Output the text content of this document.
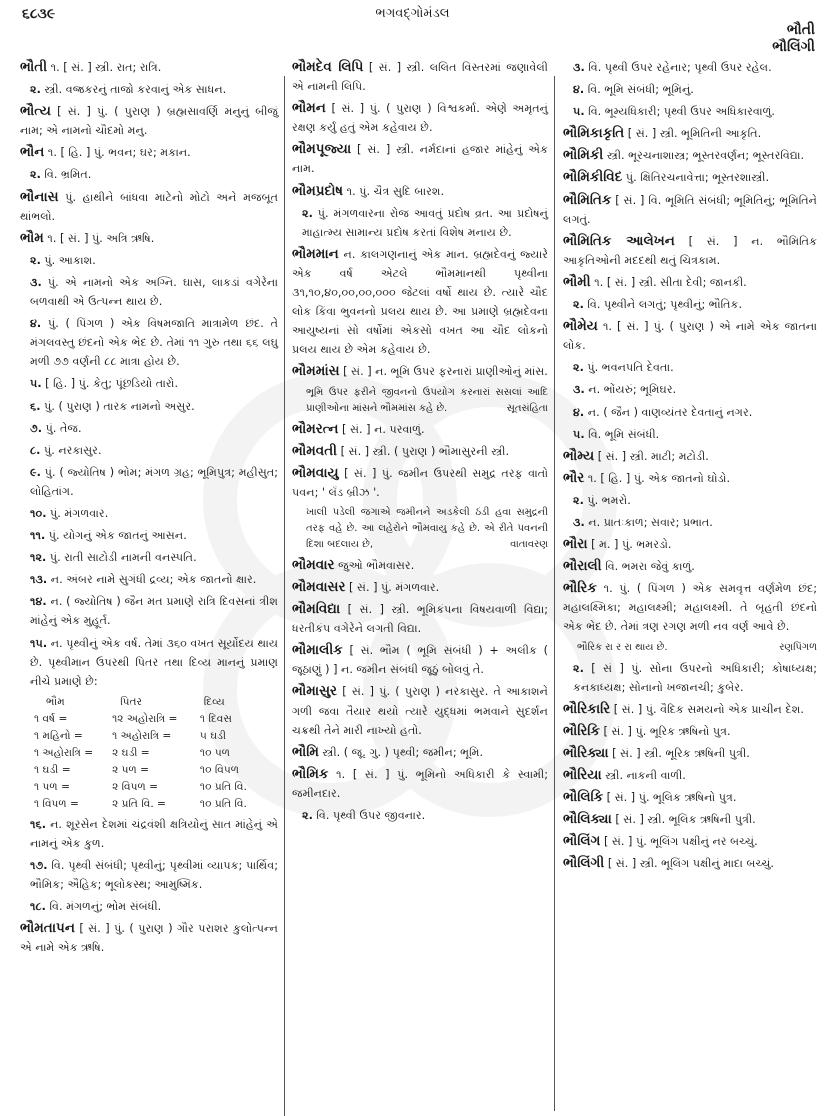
૬૮૩૯	ભગવદ્ગોમંડલ
ભૌતી
ભૌલિંગી
ભૌતી ૧. [ સં. ] સ્ત્રી. રાત; રાત્રિ.
૨. સ્ત્રી. વજ્રકરનું તાજો કરવાનું એક સાધન.
ભૌત્ય [ સં. ] પું. ( પુરાણ ) બ્રહ્મસાવર્ણિ મનુનું બીજું નામ; એ નામનો ચૌદમો મનુ.
ભૌન ૧. [ હિ. ] પું. ભવન; ઘર; મકાન.
૨. વિ. ભ્રમિત.
ભૌનાસ પું. હાથીને બાંધવા માટેનો મોટો અને મજબૂત થાંભલો.
ભૌમ ૧. [ સં. ] પું. અત્રિ ઋષિ.
૨. પું. આકાશ.
૩. પું. એ નામનો એક અગ્નિ. ઘાસ, લાકડાં વગેરેના બળવાથી એ ઉત્પન્ન થાય છે.
૪. પું. ( પિંગળ ) એક વિષમજાતિ માત્રામેળ છંદ. તે મંગલવસ્તુ છંદનો એક ભેદ છે. તેમાં ૧૧ ગુરુ તથા ૬૬ લઘુ મળી ૭૭ વર્ણની ૮૮ માત્રા હોય છે.
૫. [ હિ. ] પું. કેતુ; પૂંછડિયો તારો.
૬. પું. ( પુરાણ ) તારક નામનો અસુર.
૭. પું. તેજ.
૮. પું. નરકાસુર.
૯. પું. ( જ્યોતિષ ) ભોમ; મંગળ ગ્રહ; ભૂમિપુત્ર; મહીસુત; લોહિતાંગ.
૧૦. પું. મંગળવાર.
૧૧. પું. યોગનું એક જાતનું આસન.
૧૨. પું. રાતી સાટોડી નામની વનસ્પતિ.
૧૩. ન. અંબર નામે સુગંધી દ્રવ્ય; એક જાતનો ક્ષાર.
૧૪. ન. ( જ્યોતિષ ) જૈન મત પ્રમાણે રાત્રિ દિવસનાં ત્રીશ માંહેનું એક મુહૂર્ત.
૧૫. ન. પૃથ્વીનું એક વર્ષ. તેમાં ૩૬૦ વખત સૂર્યોદય થાય છે. પૃથ્વીમાન ઉપરથી પિતર તથા દિવ્ય માનનું પ્રમાણ નીચે પ્રમાણે છે:
ભૌમ	પિતર	દિવ્ય
૧ વર્ષ =	૧૨ અહોરાત્રિ =	૧ દિવસ
૧ મહિનો =	૧ અહોરાત્રિ =	૫ ઘડી
૧ અહોરાત્રિ =	૨ ઘડી =	૧૦ પળ
૧ ઘડી =	૨ પળ =	૧૦ વિપળ
૧ પળ =	૨ વિપળ =	૧૦ પ્રતિ વિ.
૧ વિપળ =	૨ પ્રતિ વિ. =	૧૦ પ્રતિ વિ.
૧૬. ન. શૂરસેન દેશમાં ચંદ્રવંશી ક્ષત્રિયોનું સાત માંહેનું એ નામનું એક કુળ.
૧૭. વિ. પૃથ્વી સંબંધી; પૃથ્વીનું; પૃથ્વીમાં વ્યાપક; પાર્થિવ; ભૌમિક; ઐહિક; ભૂલોકસ્થ; આમુષ્મિક.
૧૮. વિ. મંગળનું; ભોમ સંબંધી.
ભૌમતાપન [ સં. ] પું. ( પુરાણ ) ગૌર પરાશર કુલોત્પન્ન એ નામે એક ઋષિ.
ભૌમદેવ લિપિ [ સં. ] સ્ત્રી. લલિત વિસ્તરમાં જણાવેલી એ નામની લિપિ.
ભૌમન [ સં. ] પું. ( પુરાણ ) વિશ્વકર્મા. એણે અમૃતનું રક્ષણ કર્યું હતું એમ કહેવાય છે.
ભૌમપૂજ્યા [ સં. ] સ્ત્રી. નર્મદાનાં હજાર માંહેનું એક નામ.
ભૌમપ્રદોષ ૧. પું. ચૈત્ર સુદિ બારશ.
૨. પું. મંગળવારના રોજ આવતું પ્રદોષ વ્રત. આ પ્રદોષનું માહાત્મ્ય સામાન્ય પ્રદોષ કરતાં વિશેષ મનાય છે.
ભૌમમાન ન. કાલગણનાનું એક માન. બ્રહ્મદેવનું જ્યારે એક વર્ષ એટલે ભૌમમાનથી પૃથ્વીના ૩૧,૧૦,૪૦,૦૦,૦૦,૦૦૦ જેટલાં વર્ષો થાય છે. ત્યારે ચૌદ લોક કિંવા ભુવનનો પ્રલય થાય છે. આ પ્રમાણે બ્રહ્મદેવના આયુષ્યનાં સો વર્ષોમાં એકસો વખત આ ચૌદ લોકનો પ્રલય થાય છે એમ કહેવાય છે.
ભૌમમાંસ [ સં. ] ન. ભૂમિ ઉપર ફરનારાં પ્રાણીઓનું માંસ.
ભૂમિ ઉપર ફરીને જીવનનો ઉપયોગ કરનારાં સસલાં આદિ પ્રાણીઓના માંસને ભૌમમાંસ કહે છે.	સૂતસંહિતા
ભૌમરત્ન [ સં. ] ન. પરવાળું.
ભૌમવતી [ સં. ] સ્ત્રી. ( પુરાણ ) ભૌમાસુરની સ્ત્રી.
ભૌમવાયુ [ સં. ] પું. જમીન ઉપરથી સમુદ્ર તરફ વાતો પવન; ' લૅંડ બ્રીઝ '.
ખાલી પડેલી જગાએ જમીનને અડકેલી ઠંડી હવા સમુદ્રની તરફ વહે છે. આ લહેરોને ભૌમવાયુ કહે છે. એ રીતે પવનની દિશા બદલાય છે,	વાતાવરણ
ભૌમવાર જુઓ ભૌમવાસર.
ભૌમવાસર [ સં. ] પું. મંગળવાર.
ભૌમવિદ્યા [ સં. ] સ્ત્રી. ભૂમિકંપના વિષયવાળી વિદ્યા; ધરતીકંપ વગેરેને લગતી વિદ્યા.
ભૌમાલીક [ સં. ભૌમ ( ભૂમિ સંબંધી ) + અલીક ( જૂઠાણું ) ] ન. જમીન સંબંધી જૂઠું બોલવું તે.
ભૌમાસુર [ સં. ] પું. ( પુરાણ ) નરકાસુર. તે આકાશને ગળી જવા તૈયાર થયો ત્યારે યુદ્ધમાં ભમવાને સુદર્શન ચક્રથી તેને મારી નાખ્યો હતો.
ભૌમિ સ્ત્રી. ( જૂ. ગુ. ) પૃથ્વી; જમીન; ભૂમિ.
ભૌમિક ૧. [ સં. ] પું. ભૂમિનો અધિકારી કે સ્વામી; જમીનદાર.
૨. વિ. પૃથ્વી ઉપર જીવનાર.
૩. વિ. પૃથ્વી ઉપર રહેનાર; પૃથ્વી ઉપર રહેલ.
૪. વિ. ભૂમિ સંબંધી; ભૂમિનું.
૫. વિ. ભૂમ્યધિકારી; પૃથ્વી ઉપર અધિકારવાળું.
ભૌમિકાકૃતિ [ સં. ] સ્ત્રી. ભૂમિતિની આકૃતિ.
ભૌમિકી સ્ત્રી. ભૂરચનાશાસ્ત્ર; ભૂસ્તરવર્ણન; ભૂસ્તરવિદ્યા.
ભૌમિકીવિદ પું. ક્ષિતિરચનાવેત્તા; ભૂસ્તરશાસ્ત્રી.
ભૌમિતિક [ સં. ] વિ. ભૂમિતિ સંબંધી; ભૂમિતિનું; ભૂમિતિને લગતું.
ભૌમિતિક આલેખન [ સં. ] ન. ભૌમિતિક આકૃતિઓની મદદથી થતું ચિત્રકામ.
ભૌમી ૧. [ સં. ] સ્ત્રી. સીતા દેવી; જાનકી.
૨. વિ. પૃથ્વીને લગતું; પૃથ્વીનું; ભૌતિક.
ભૌમેય ૧. [ સં. ] પું. ( પુરાણ ) એ નામે એક જાતના લોક.
૨. પું. ભવનપતિ દેવતા.
૩. ન. ભોંયરું; ભૂમિઘર.
૪. ન. ( જૈન ) વાણવ્યંતર દેવતાનું નગર.
૫. વિ. ભૂમિ સંબંધી.
ભૌમ્ય [ સં. ] સ્ત્રી. માટી; મટોડી.
ભૌર ૧. [ હિ. ] પું. એક જાતનો ઘોડો.
૨. પું. ભમરો.
૩. ન. પ્રાતઃકાળ; સવાર; પ્રભાત.
ભૌરા [ મ. ] પું. ભમરડો.
ભૌરાલી વિ. ભમરા જેવું કાળું.
ભૌરિક ૧. પું. ( પિંગળ ) એક સમવૃત્ત વર્ણમેળ છંદ; મહાલક્ષ્મિકા; મહાલક્ષ્મી; મહાલક્ષ્મી. તે બૃહતી છંદનો એક ભેદ છે. તેમાં ત્રણ રગણ મળી નવ વર્ણ આવે છે.
ભૌરિક રા ર રા થાય છે.	રણપિંગળ
૨. [ સં ] પું. સોના ઉપરનો અધિકારી; કોષાધ્યક્ષ; કનકાધ્યક્ષ; સોનાનો ખજાનચી; કુબેર.
ભૌરિકારિ [ સં. ] પું. વૈદિક સમયનો એક પ્રાચીન દેશ.
ભૌરિકિ [ સં. ] પું. ભૂરિક ઋષિનો પુત્ર.
ભૌરિક્યા [ સં. ] સ્ત્રી. ભૂરિક ઋષિની પુત્રી.
ભૌરિયા સ્ત્રી. નાકની વાળી.
ભૌલિકિ [ સં. ] પું. ભૂલિક ઋષિનો પુત્ર.
ભૌલિક્યા [ સં. ] સ્ત્રી. ભૂલિક ઋષિની પુત્રી.
ભૌલિંગ [ સં. ] પું. ભૂલિંગ પક્ષીનું નર બચ્ચું.
ભૌલિંગી [ સં. ] સ્ત્રી. ભૂલિંગ પક્ષીનું માદા બચ્ચું.
